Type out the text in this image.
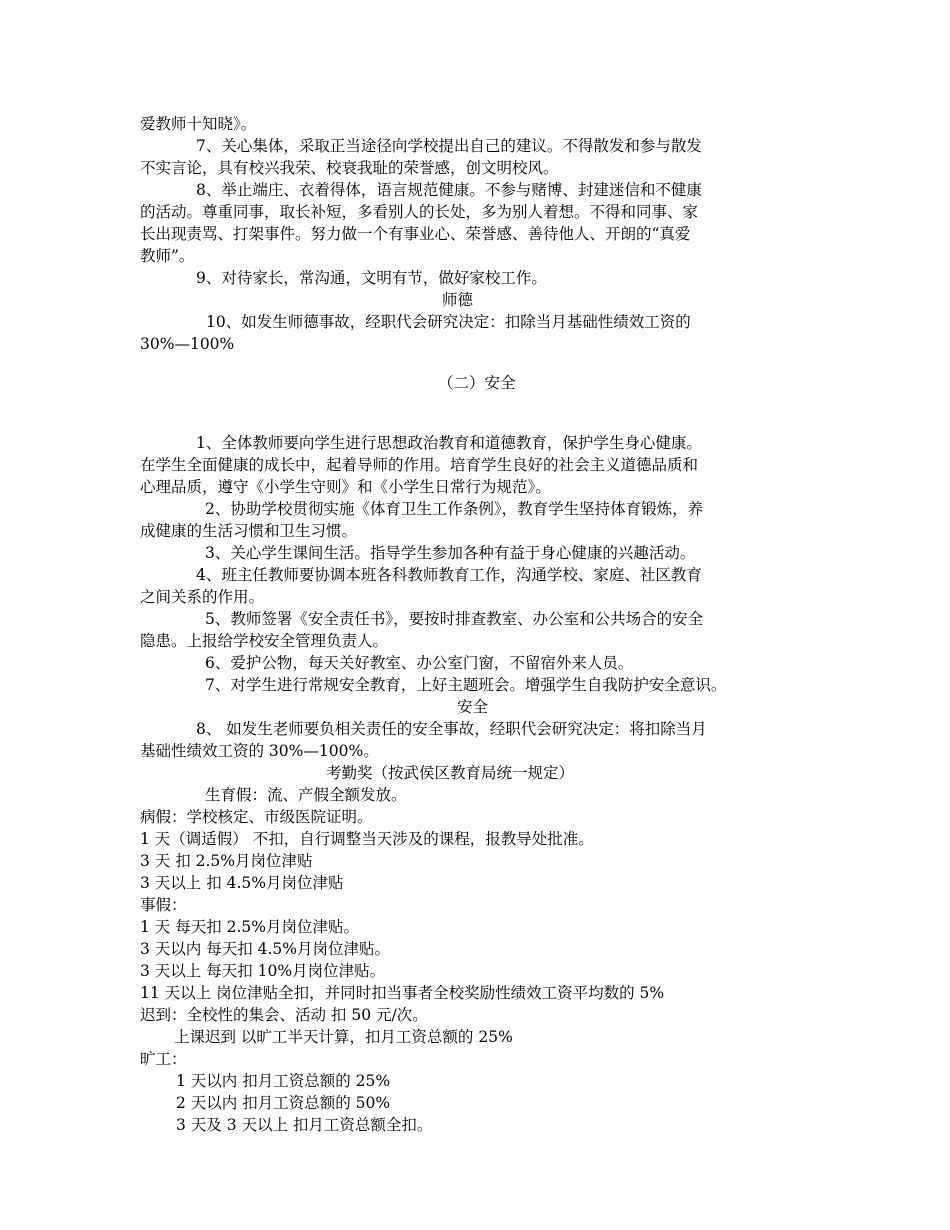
爱教师十知晓》。
7、关心集体，采取正当途径向学校提出自己的建议。不得散发和参与散发
不实言论，具有校兴我荣、校衰我耻的荣誉感，创文明校风。
8、举止端庄、衣着得体，语言规范健康。不参与赌博、封建迷信和不健康
的活动。尊重同事，取长补短，多看别人的长处，多为别人着想。不得和同事、家
长出现责骂、打架事件。努力做一个有事业心、荣誉感、善待他人、开朗的“真爱
教师”。
9、对待家长，常沟通，文明有节，做好家校工作。
师德
10、如发生师德事故，经职代会研究决定：扣除当月基础性绩效工资的
30%—100%
（二）安全
1、全体教师要向学生进行思想政治教育和道德教育，保护学生身心健康。
在学生全面健康的成长中，起着导师的作用。培育学生良好的社会主义道德品质和
心理品质，遵守《小学生守则》和《小学生日常行为规范》。
2、协助学校贯彻实施《体育卫生工作条例》，教育学生坚持体育锻炼，养
成健康的生活习惯和卫生习惯。
3、关心学生课间生活。指导学生参加各种有益于身心健康的兴趣活动。
4、班主任教师要协调本班各科教师教育工作，沟通学校、家庭、社区教育
之间关系的作用。
5、教师签署《安全责任书》，要按时排查教室、办公室和公共场合的安全
隐患。上报给学校安全管理负责人。
6、爱护公物，每天关好教室、办公室门窗，不留宿外来人员。
7、对学生进行常规安全教育，上好主题班会。增强学生自我防护安全意识。
安全
8、 如发生老师要负相关责任的安全事故，经职代会研究决定：将扣除当月
基础性绩效工资的 30%—100%。
考勤奖（按武侯区教育局统一规定）
生育假：流、产假全额发放。
病假：学校核定、市级医院证明。
1 天（调适假） 不扣，自行调整当天涉及的课程，报教导处批准。
3 天 扣 2.5%月岗位津贴
3 天以上 扣 4.5%月岗位津贴
事假：
1 天 每天扣 2.5%月岗位津贴。
3 天以内 每天扣 4.5%月岗位津贴。
3 天以上 每天扣 10%月岗位津贴。
11 天以上 岗位津贴全扣，并同时扣当事者全校奖励性绩效工资平均数的 5%
迟到：全校性的集会、活动 扣 50 元/次。
上课迟到 以旷工半天计算，扣月工资总额的 25%
旷工：
1 天以内 扣月工资总额的 25%
2 天以内 扣月工资总额的 50%
3 天及 3 天以上 扣月工资总额全扣。
